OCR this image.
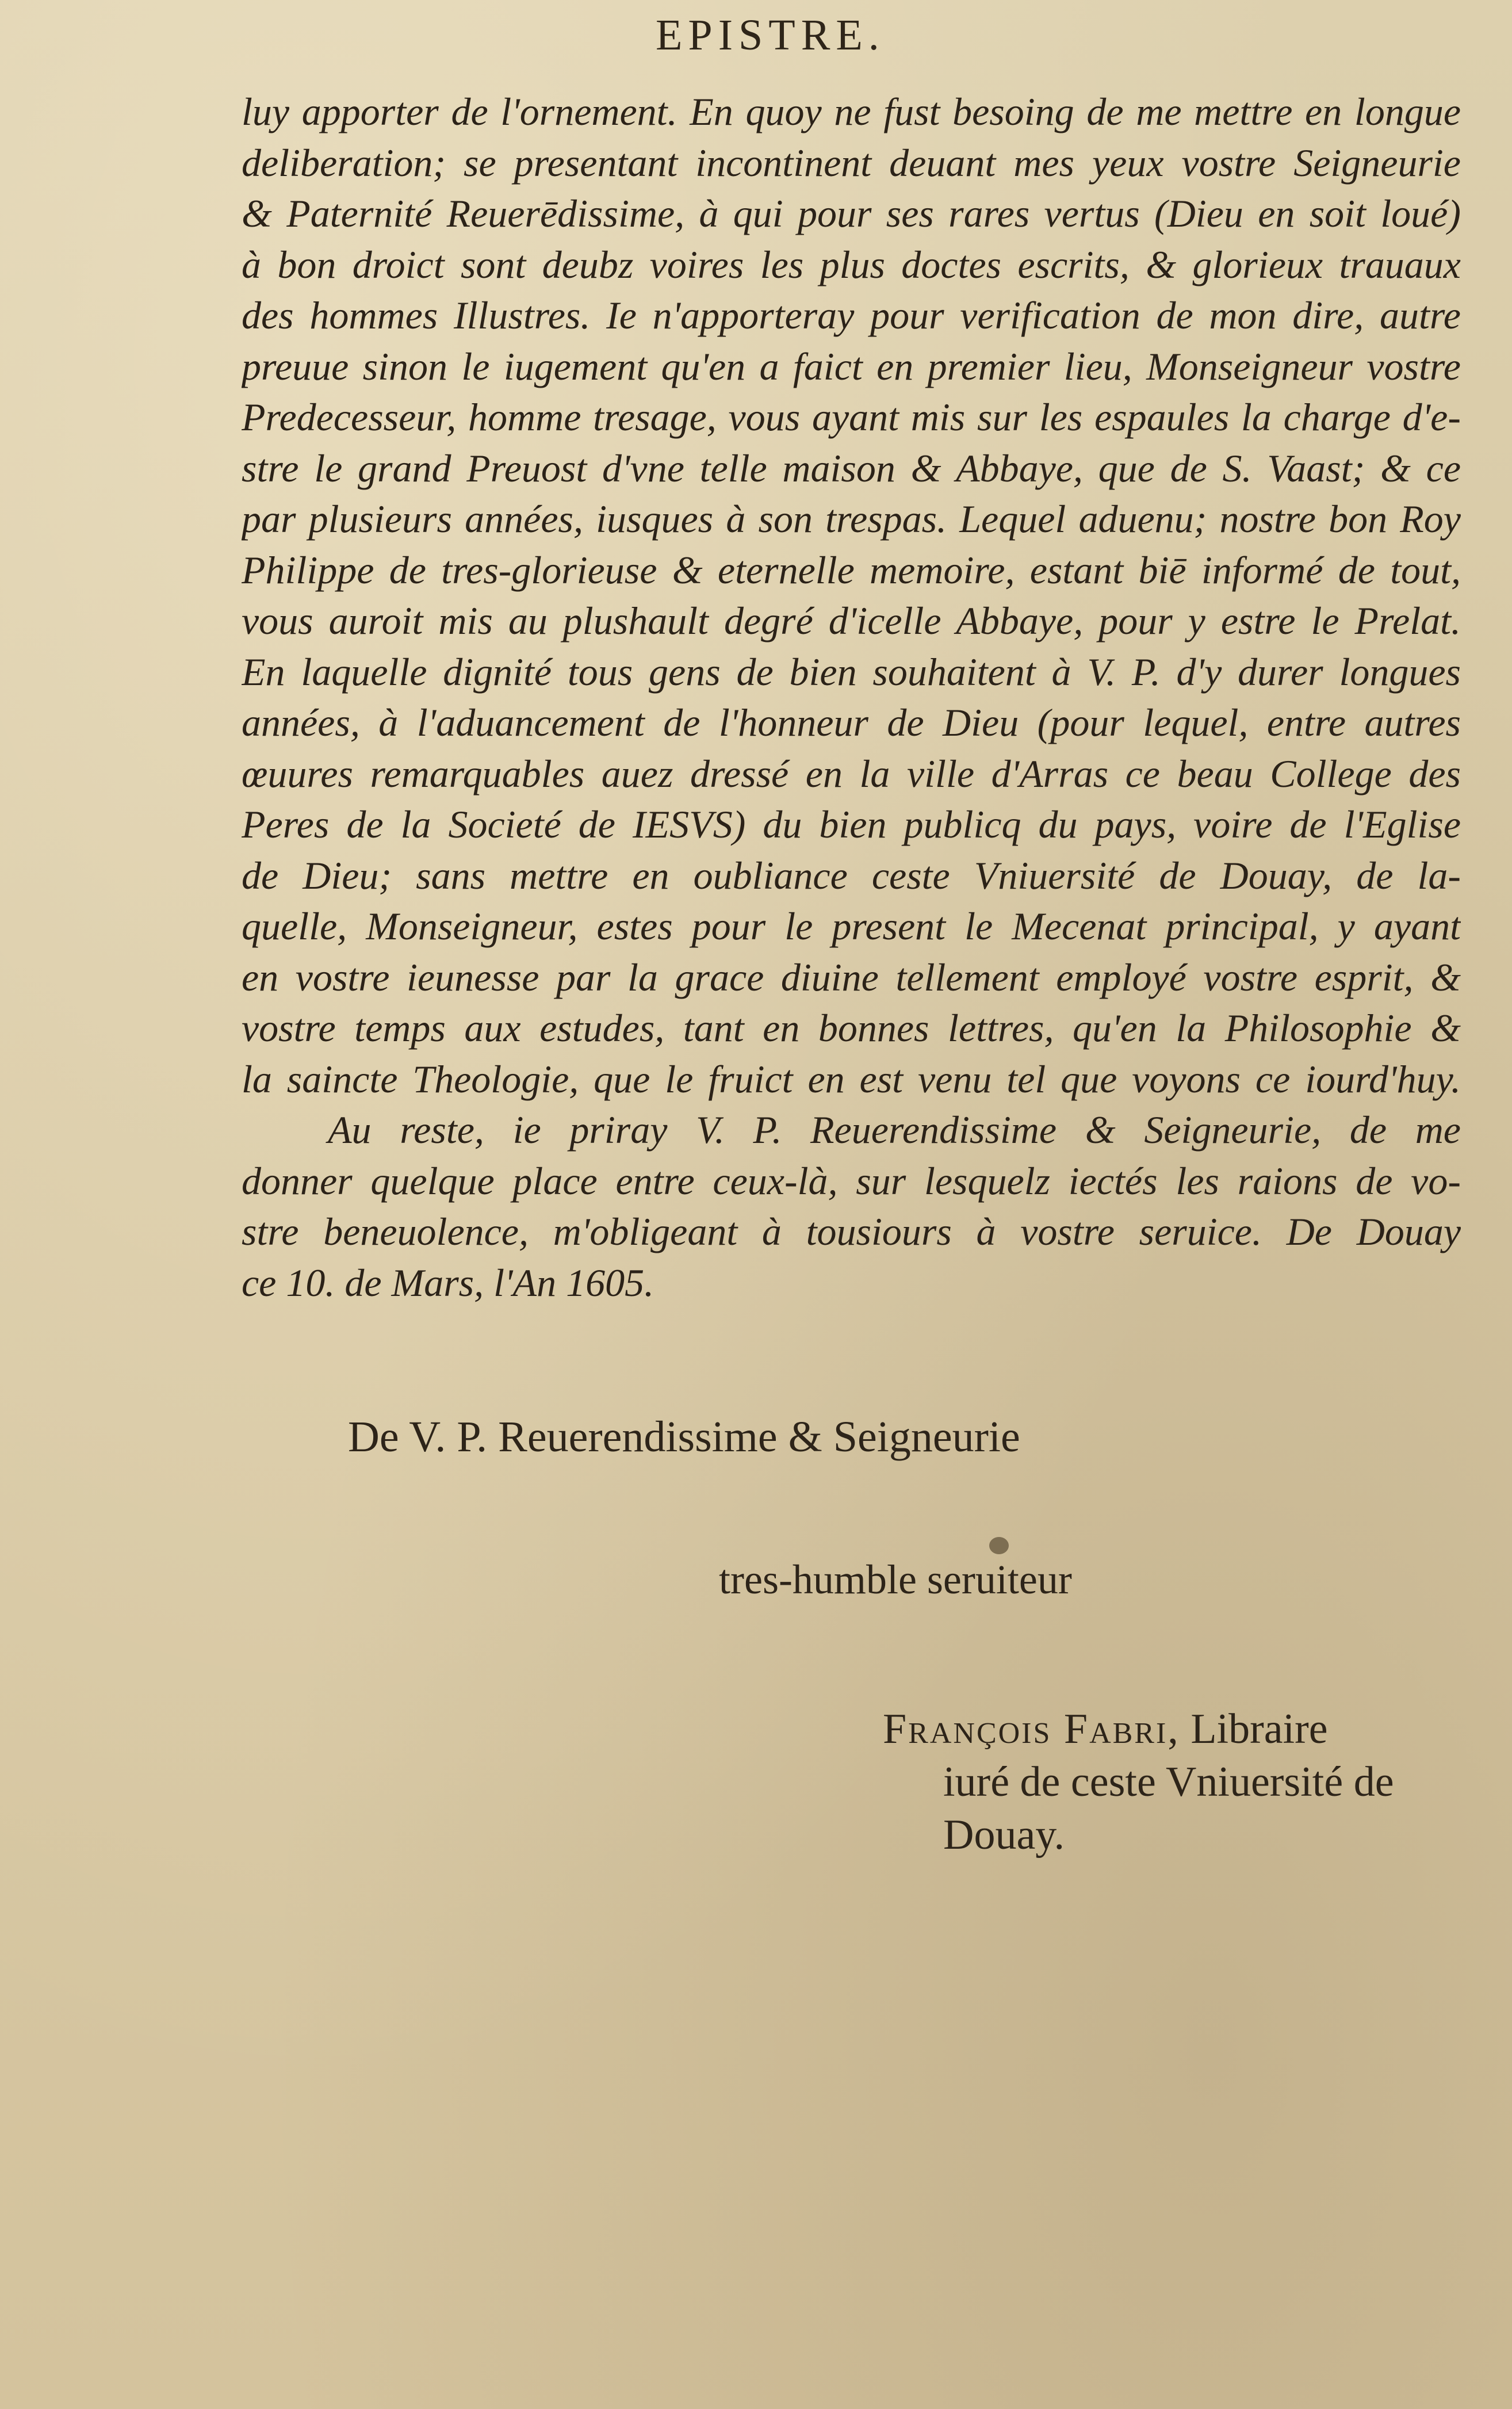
EPISTRE.
luy apporter de l'ornement. En quoy ne fust besoing de me mettre en longue
deliberation; se presentant incontinent deuant mes yeux vostre Seigneurie
& Paternité Reuerēdissime, à qui pour ses rares vertus (Dieu en soit loué)
à bon droict sont deubz voires les plus doctes escrits, & glorieux trauaux
des hommes Illustres. Ie n'apporteray pour verification de mon dire, autre
preuue sinon le iugement qu'en a faict en premier lieu, Monseigneur vostre
Predecesseur, homme tresage, vous ayant mis sur les espaules la charge d'e-
stre le grand Preuost d'vne telle maison & Abbaye, que de S. Vaast; & ce
par plusieurs années, iusques à son trespas. Lequel aduenu; nostre bon Roy
Philippe de tres-glorieuse & eternelle memoire, estant biē informé de tout,
vous auroit mis au plushault degré d'icelle Abbaye, pour y estre le Prelat.
En laquelle dignité tous gens de bien souhaitent à V. P. d'y durer longues
années, à l'aduancement de l'honneur de Dieu (pour lequel, entre autres
œuures remarquables auez dressé en la ville d'Arras ce beau College des
Peres de la Societé de IESVS) du bien publicq du pays, voire de l'Eglise
de Dieu; sans mettre en oubliance ceste Vniuersité de Douay, de la-
quelle, Monseigneur, estes pour le present le Mecenat principal, y ayant
en vostre ieunesse par la grace diuine tellement employé vostre esprit, &
vostre temps aux estudes, tant en bonnes lettres, qu'en la Philosophie &
la saincte Theologie, que le fruict en est venu tel que voyons ce iourd'huy.
Au reste, ie priray V. P. Reuerendissime & Seigneurie, de me
donner quelque place entre ceux-là, sur lesquelz iectés les raions de vo-
stre beneuolence, m'obligeant à tousiours à vostre seruice. De Douay
ce 10. de Mars, l'An 1605.
De V. P. Reuerendissime & Seigneurie
tres-humble seruiteur
François Fabri, Libraire
iuré de ceste Vniuersité de
Douay.
